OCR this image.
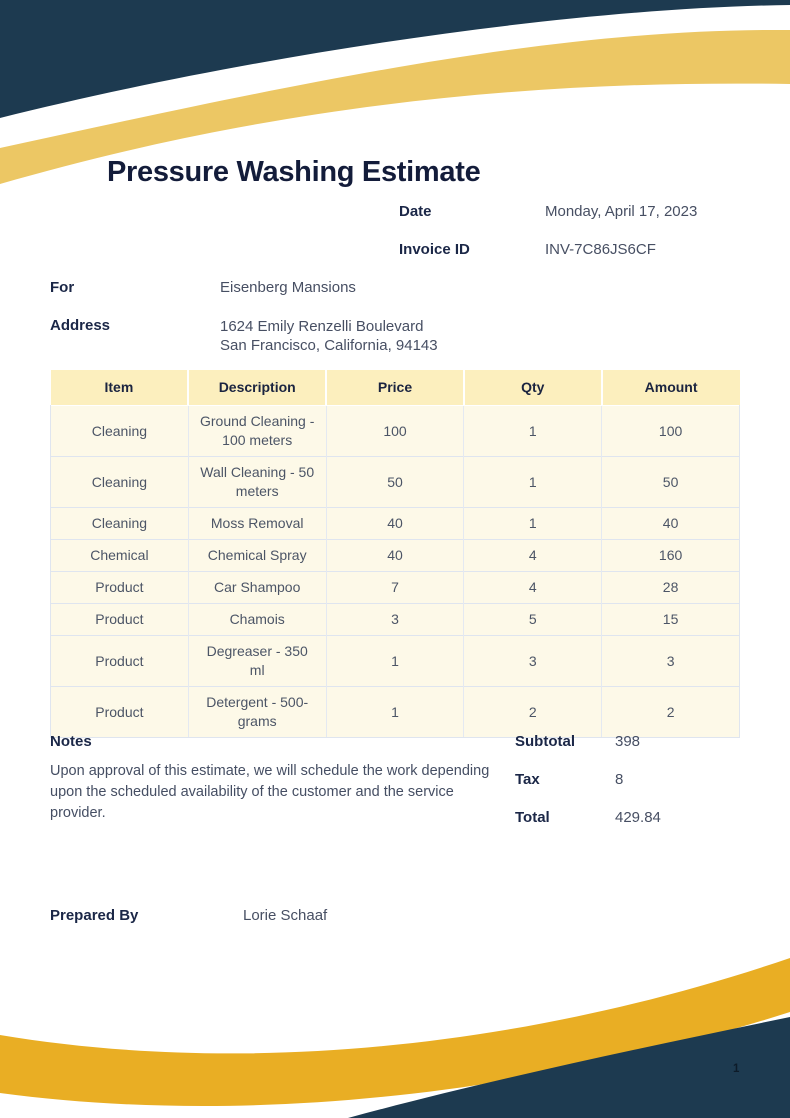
Pressure Washing Estimate
Date	Monday, April 17, 2023
Invoice ID	INV-7C86JS6CF
For	Eisenberg Mansions
Address	1624 Emily Renzelli Boulevard
San Francisco, California, 94143
Item	Description	Price	Qty	Amount
Cleaning	Ground Cleaning - 100 meters	100	1	100
Cleaning	Wall Cleaning - 50 meters	50	1	50
Cleaning	Moss Removal	40	1	40
Chemical	Chemical Spray	40	4	160
Product	Car Shampoo	7	4	28
Product	Chamois	3	5	15
Product	Degreaser - 350 ml	1	3	3
Product	Detergent - 500-grams	1	2	2
Notes
Upon approval of this estimate, we will schedule the work depending upon the scheduled availability of the customer and the service provider.
Subtotal	398
Tax	8
Total	429.84
Prepared By	Lorie Schaaf
1
